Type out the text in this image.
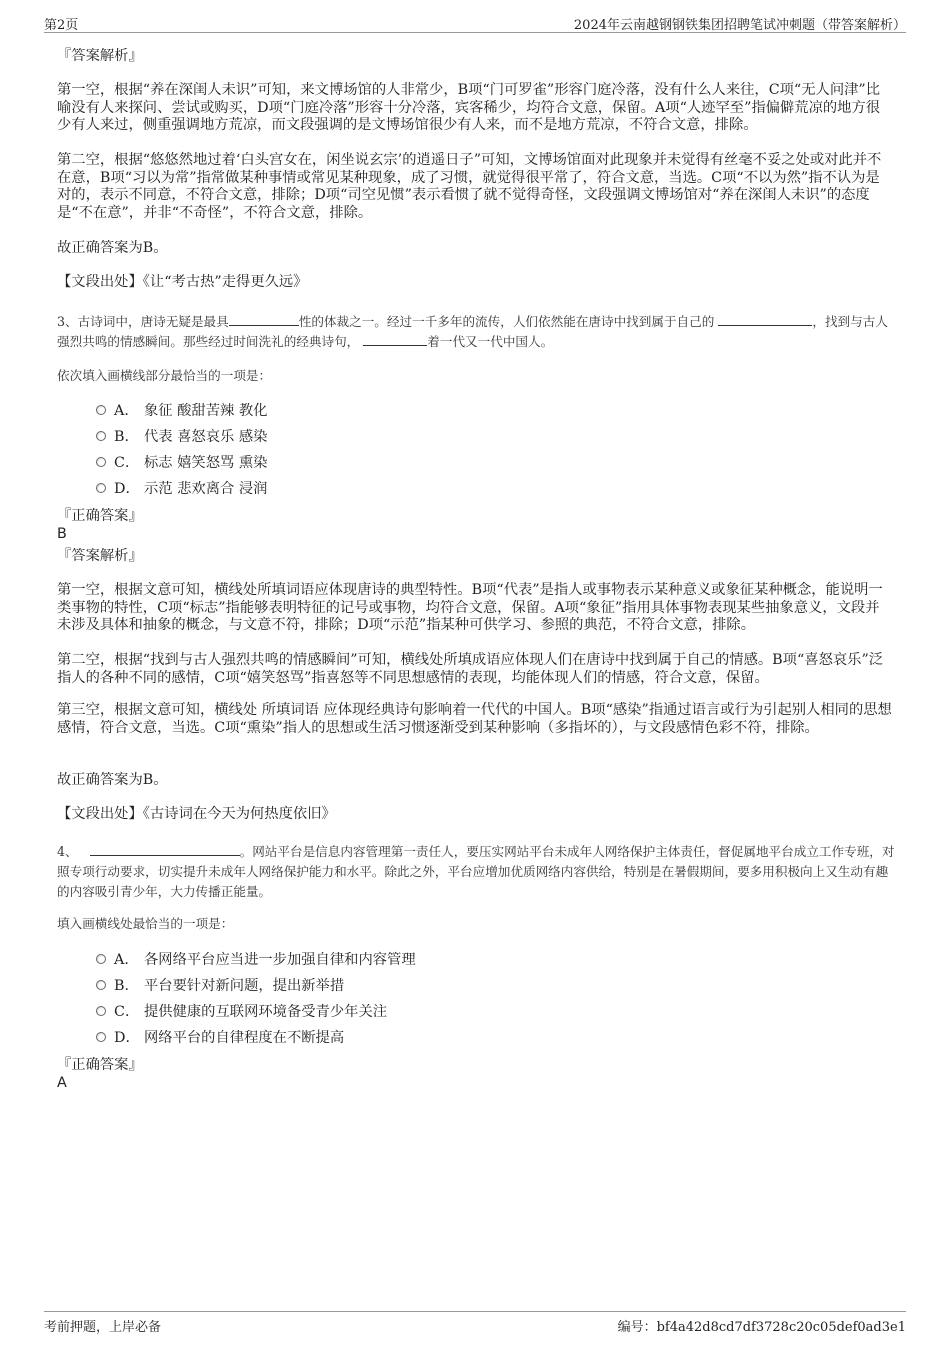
第2页	2024年云南越钢钢铁集团招聘笔试冲刺题（带答案解析）
『答案解析』

第一空，根据“养在深闺人未识”可知，来文博场馆的人非常少，B项“门可罗雀”形容门庭冷落，没有什么人来往，C项“无人问津”比喻没有人来探问、尝试或购买，D项“门庭冷落”形容十分冷落，宾客稀少，均符合文意，保留。A项“人迹罕至”指偏僻荒凉的地方很少有人来过，侧重强调地方荒凉，而文段强调的是文博场馆很少有人来，而不是地方荒凉，不符合文意，排除。

第二空，根据“悠悠然地过着‘白头宫女在，闲坐说玄宗’的逍遥日子”可知，文博场馆面对此现象并未觉得有丝毫不妥之处或对此并不在意，B项“习以为常”指常做某种事情或常见某种现象，成了习惯，就觉得很平常了，符合文意，当选。C项“不以为然”指不认为是对的，表示不同意，不符合文意，排除；D项“司空见惯”表示看惯了就不觉得奇怪，文段强调文博场馆对“养在深闺人未识”的态度是“不在意”，并非“不奇怪”，不符合文意，排除。

故正确答案为B。
【文段出处】《让“考古热”走得更久远》

3、古诗词中，唐诗无疑是最具	性的体裁之一。经过一千多年的流传，人们依然能在唐诗中找到属于自己的	，找到与古人强烈共鸣的情感瞬间。那些经过时间洗礼的经典诗句，	着一代又一代中国人。

依次填入画横线部分最恰当的一项是：
A． 象征 酸甜苦辣 教化
B． 代表 喜怒哀乐 感染
C． 标志 嬉笑怒骂 熏染
D． 示范 悲欢离合 浸润
『正确答案』
B
『答案解析』

第一空，根据文意可知，横线处所填词语应体现唐诗的典型特性。B项“代表”是指人或事物表示某种意义或象征某种概念，能说明一类事物的特性，C项“标志”指能够表明特征的记号或事物，均符合文意，保留。A项“象征”指用具体事物表现某些抽象意义，文段并未涉及具体和抽象的概念，与文意不符，排除；D项“示范”指某种可供学习、参照的典范，不符合文意，排除。

第二空，根据“找到与古人强烈共鸣的情感瞬间”可知，横线处所填成语应体现人们在唐诗中找到属于自己的情感。B项“喜怒哀乐”泛指人的各种不同的感情，C项“嬉笑怒骂”指喜怒等不同思想感情的表现，均能体现人们的情感，符合文意，保留。

第三空，根据文意可知，横线处 所填词语 应体现经典诗句影响着一代代的中国人。B项“感染”指通过语言或行为引起别人相同的思想感情，符合文意，当选。C项“熏染”指人的思想或生活习惯逐渐受到某种影响（多指坏的），与文段感情色彩不符，排除。

故正确答案为B。
【文段出处】《古诗词在今天为何热度依旧》

4、	。网站平台是信息内容管理第一责任人，要压实网站平台未成年人网络保护主体责任，督促属地平台成立工作专班，对照专项行动要求，切实提升未成年人网络保护能力和水平。除此之外，平台应增加优质网络内容供给，特别是在暑假期间，要多用积极向上又生动有趣的内容吸引青少年，大力传播正能量。

填入画横线处最恰当的一项是：
A． 各网络平台应当进一步加强自律和内容管理
B． 平台要针对新问题，提出新举措
C． 提供健康的互联网环境备受青少年关注
D． 网络平台的自律程度在不断提高
『正确答案』
A
考前押题，上岸必备	编号：bf4a42d8cd7df3728c20c05def0ad3e1
